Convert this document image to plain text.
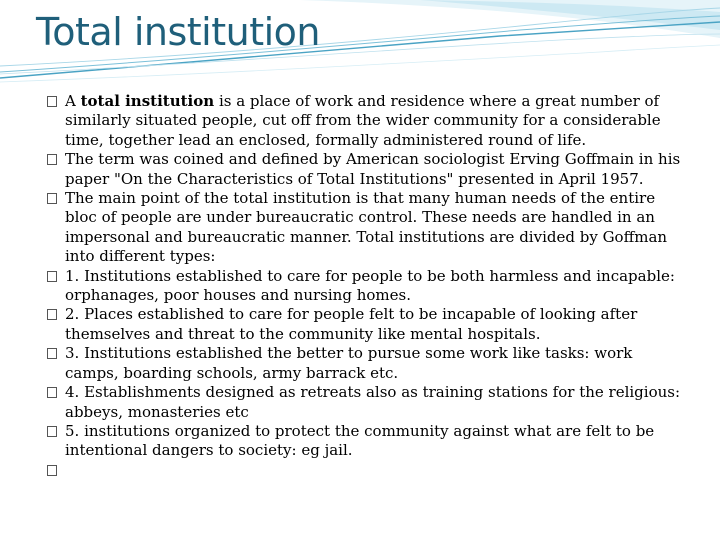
Total institution
A total institution is a place of work and residence where a great number of similarly situated people, cut off from the wider community for a considerable time, together lead an enclosed, formally administered round of life.
The term was coined and defined by American sociologist Erving Goffmain in his paper "On the Characteristics of Total Institutions" presented in April 1957.
The main point of the total institution is that many human needs of the entire bloc of people are under bureaucratic control. These needs are handled in an impersonal and bureaucratic manner. Total institutions are divided by Goffman into different types:
1. Institutions established to care for people to be both harmless and incapable: orphanages, poor houses and nursing homes.
2. Places established to care for people felt to be incapable of looking after themselves and threat to the community like mental hospitals.
3. Institutions established the better to pursue some work like tasks: work camps, boarding schools, army barrack etc.
4. Establishments designed as retreats also as training stations for the religious: abbeys, monasteries etc
5. institutions organized to protect the community against what are felt to be intentional dangers to society: eg jail.
